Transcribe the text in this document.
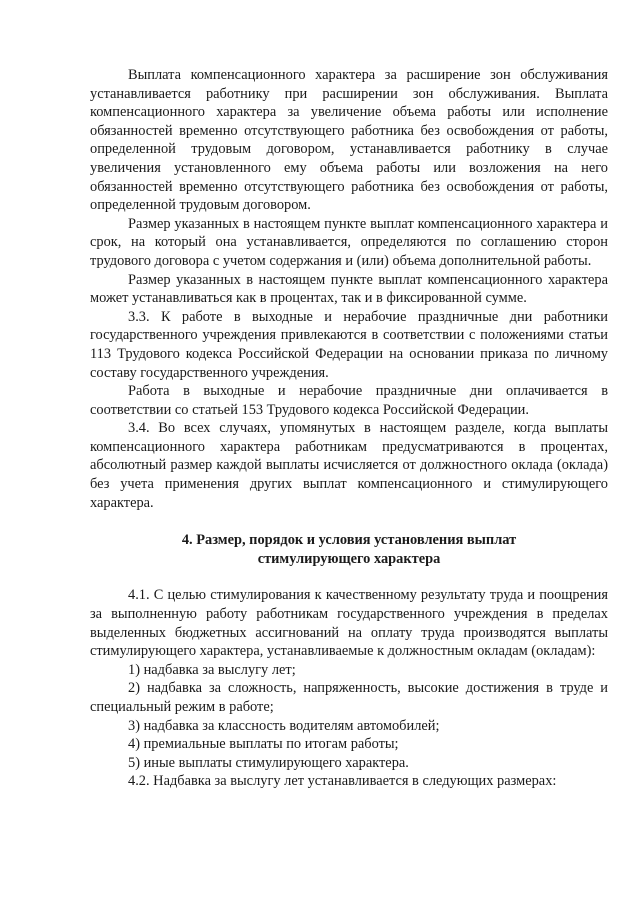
Выплата компенсационного характера за расширение зон обслуживания устанавливается работнику при расширении зон обслуживания. Выплата компенсационного характера за увеличение объема работы или исполнение обязанностей временно отсутствующего работника без освобождения от работы, определенной трудовым договором, устанавливается работнику в случае увеличения установленного ему объема работы или возложения на него обязанностей временно отсутствующего работника без освобождения от работы, определенной трудовым договором.

Размер указанных в настоящем пункте выплат компенсационного характера и срок, на который она устанавливается, определяются по соглашению сторон трудового договора с учетом содержания и (или) объема дополнительной работы.

Размер указанных в настоящем пункте выплат компенсационного характера может устанавливаться как в процентах, так и в фиксированной сумме.

3.3. К работе в выходные и нерабочие праздничные дни работники государственного учреждения привлекаются в соответствии с положениями статьи 113 Трудового кодекса Российской Федерации на основании приказа по личному составу государственного учреждения.

Работа в выходные и нерабочие праздничные дни оплачивается в соответствии со статьей 153 Трудового кодекса Российской Федерации.

3.4. Во всех случаях, упомянутых в настоящем разделе, когда выплаты компенсационного характера работникам предусматриваются в процентах, абсолютный размер каждой выплаты исчисляется от должностного оклада (оклада) без учета применения других выплат компенсационного и стимулирующего характера.

4. Размер, порядок и условия установления выплат
стимулирующего характера

4.1. С целью стимулирования к качественному результату труда и поощрения за выполненную работу работникам государственного учреждения в пределах выделенных бюджетных ассигнований на оплату труда производятся выплаты стимулирующего характера, устанавливаемые к должностным окладам (окладам):

1) надбавка за выслугу лет;

2) надбавка за сложность, напряженность, высокие достижения в труде и специальный режим в работе;

3) надбавка за классность водителям автомобилей;

4) премиальные выплаты по итогам работы;

5) иные выплаты стимулирующего характера.

4.2. Надбавка за выслугу лет устанавливается в следующих размерах:
